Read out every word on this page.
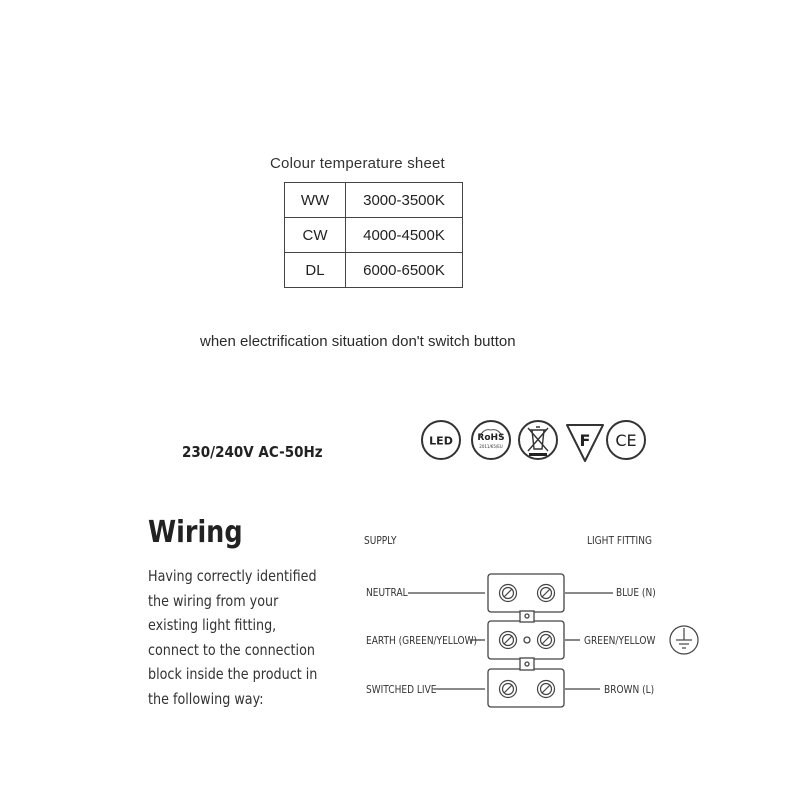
Colour temperature sheet
WW	3000-3500K
CW	4000-4500K
DL	6000-6500K
when electrification situation don't switch button
230/240V AC-50Hz
LED	RoHS
2011/65/EU	F CE
Wiring
Having correctly identified
the wiring from your
existing light fitting,
connect to the connection
block inside the product in
the following way:
SUPPLY	LIGHT FITTING
NEUTRAL
EARTH (GREEN/YELLOW)
SWITCHED LIVE
BLUE (N)
GREEN/YELLOW
BROWN (L)
